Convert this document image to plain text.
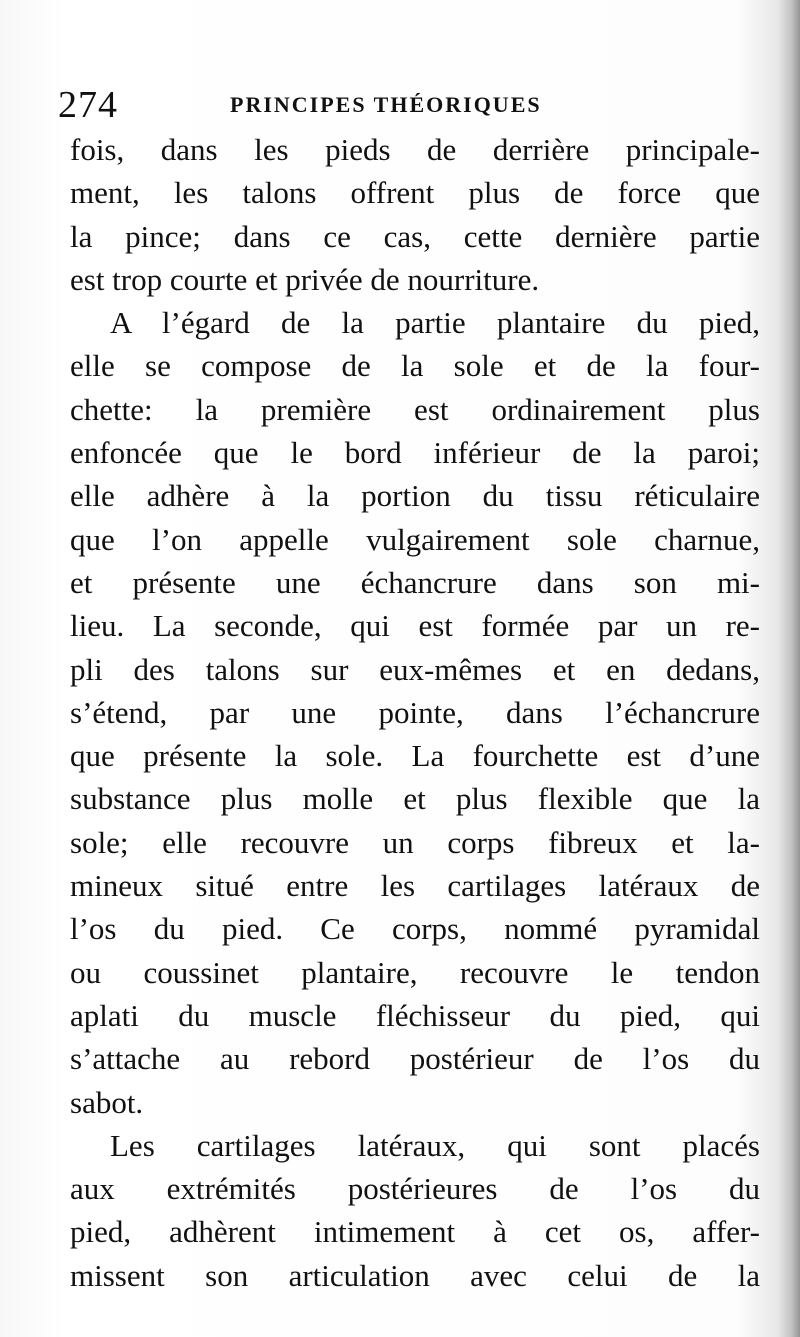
274	PRINCIPES THÉORIQUES
fois, dans les pieds de derrière principale-
ment, les talons offrent plus de force que
la pince; dans ce cas, cette dernière partie
est trop courte et privée de nourriture.
A l’égard de la partie plantaire du pied,
elle se compose de la sole et de la four-
chette: la première est ordinairement plus
enfoncée que le bord inférieur de la paroi;
elle adhère à la portion du tissu réticulaire
que l’on appelle vulgairement sole charnue,
et présente une échancrure dans son mi-
lieu. La seconde, qui est formée par un re-
pli des talons sur eux-mêmes et en dedans,
s’étend, par une pointe, dans l’échancrure
que présente la sole. La fourchette est d’une
substance plus molle et plus flexible que la
sole; elle recouvre un corps fibreux et la-
mineux situé entre les cartilages latéraux de
l’os du pied. Ce corps, nommé pyramidal
ou coussinet plantaire, recouvre le tendon
aplati du muscle fléchisseur du pied, qui
s’attache au rebord postérieur de l’os du
sabot.
Les cartilages latéraux, qui sont placés
aux extrémités postérieures de l’os du
pied, adhèrent intimement à cet os, affer-
missent son articulation avec celui de la
